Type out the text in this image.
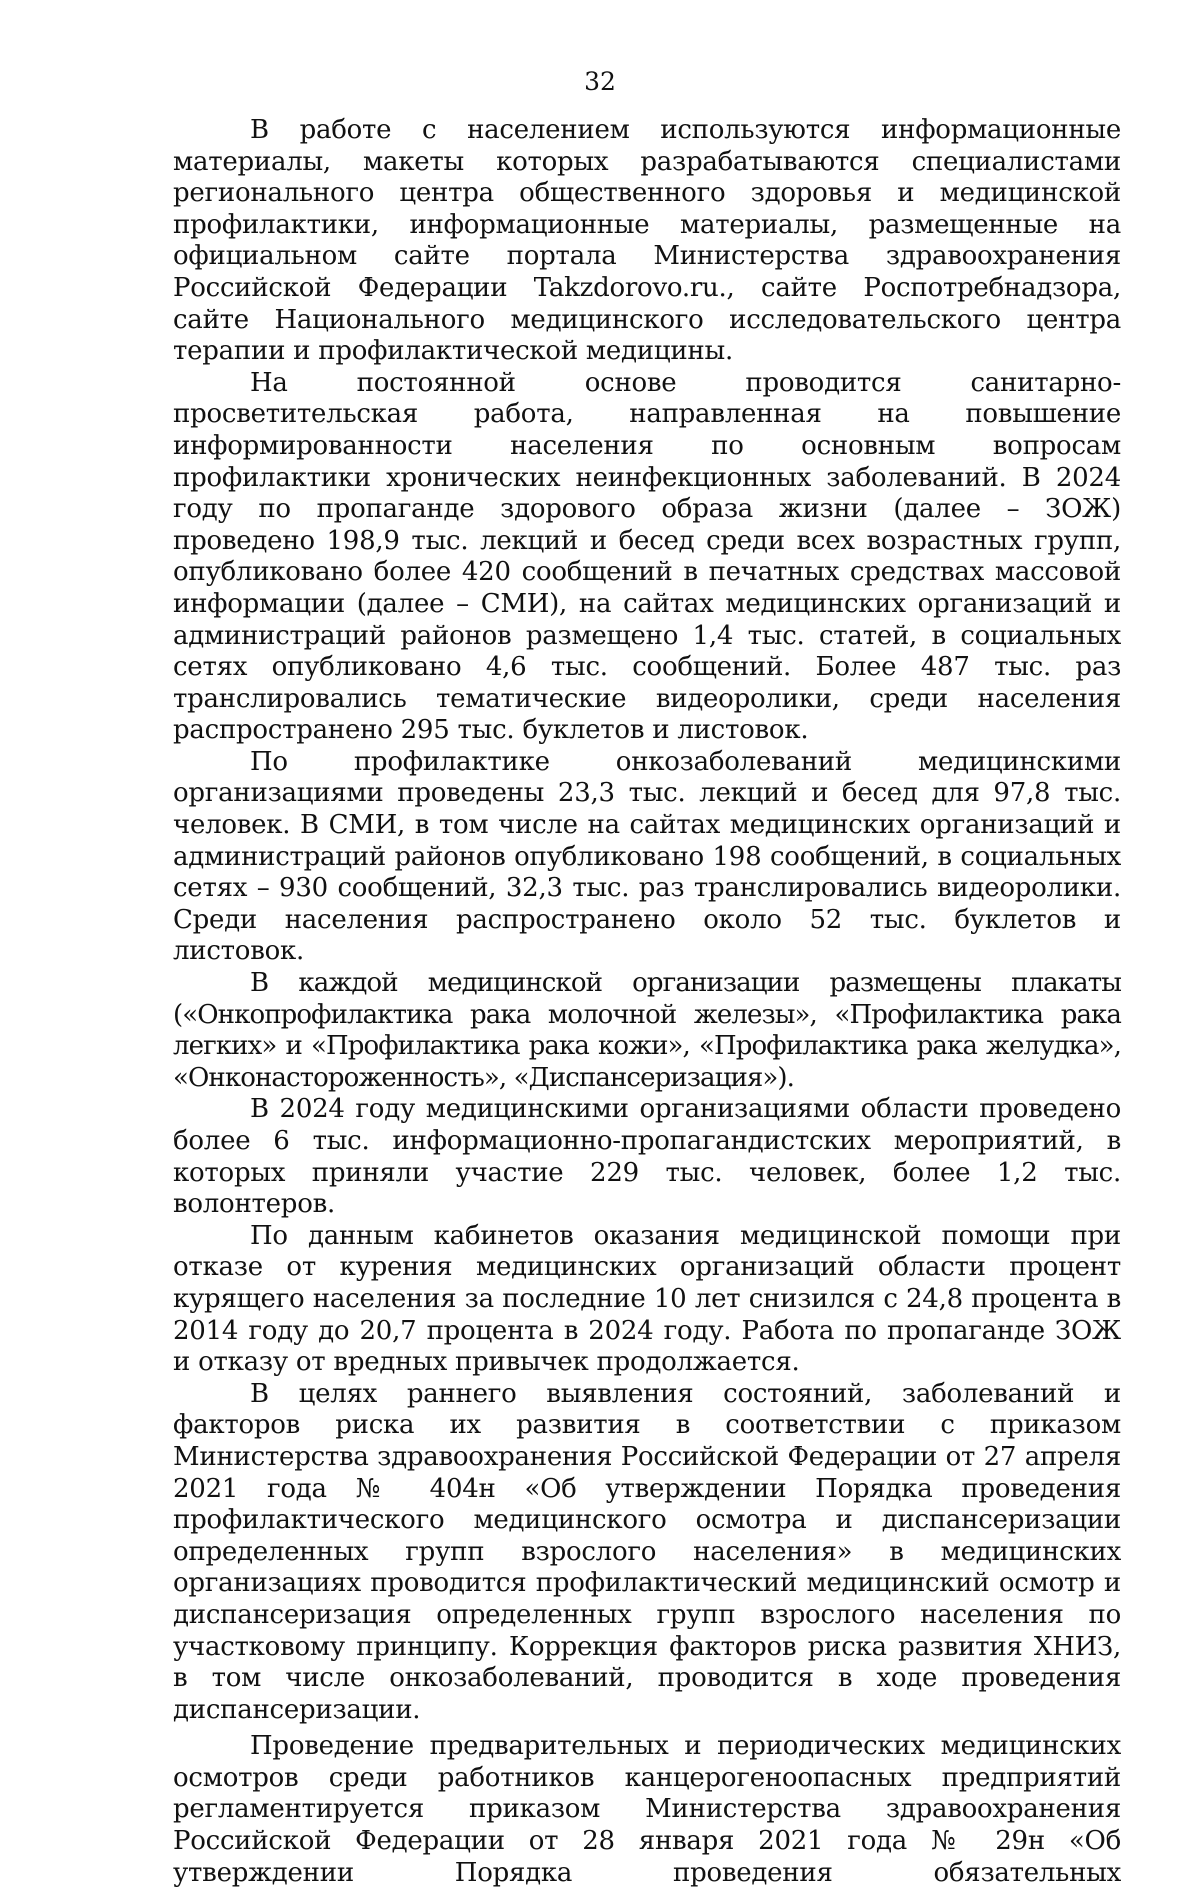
32

В работе с населением используются информационные материалы, макеты которых разрабатываются специалистами регионального центра общественного здоровья и медицинской профилактики, информационные материалы, размещенные на официальном сайте портала Министерства здравоохранения Российской Федерации Takzdorovo.ru., сайте Роспотребнадзора, сайте Национального медицинского исследовательского центра терапии и профилактической медицины.

На постоянной основе проводится санитарно-просветительская работа, направленная на повышение информированности населения по основным вопросам профилактики хронических неинфекционных заболеваний. В 2024 году по пропаганде здорового образа жизни (далее – ЗОЖ) проведено 198,9 тыс. лекций и бесед среди всех возрастных групп, опубликовано более 420 сообщений в печатных средствах массовой информации (далее – СМИ), на сайтах медицинских организаций и администраций районов размещено 1,4 тыс. статей, в социальных сетях опубликовано 4,6 тыс. сообщений. Более 487 тыс. раз транслировались тематические видеоролики, среди населения распространено 295 тыс. буклетов и листовок.

По профилактике онкозаболеваний медицинскими организациями проведены 23,3 тыс. лекций и бесед для 97,8 тыс. человек. В СМИ, в том числе на сайтах медицинских организаций и администраций районов опубликовано 198 сообщений, в социальных сетях – 930 сообщений, 32,3 тыс. раз транслировались видеоролики. Среди населения распространено около 52 тыс. буклетов и листовок.

В каждой медицинской организации размещены плакаты («Онкопрофилактика рака молочной железы», «Профилактика рака легких» и «Профилактика рака кожи», «Профилактика рака желудка», «Онконастороженность», «Диспансеризация»).

В 2024 году медицинскими организациями области проведено более 6 тыс. информационно-пропагандистских мероприятий, в которых приняли участие 229 тыс. человек, более 1,2 тыс. волонтеров.

По данным кабинетов оказания медицинской помощи при отказе от курения медицинских организаций области процент курящего населения за последние 10 лет снизился с 24,8 процента в 2014 году до 20,7 процента в 2024 году. Работа по пропаганде ЗОЖ и отказу от вредных привычек продолжается.

В целях раннего выявления состояний, заболеваний и факторов риска их развития в соответствии с приказом Министерства здравоохранения Российской Федерации от 27 апреля 2021 года № 404н «Об утверждении Порядка проведения профилактического медицинского осмотра и диспансеризации определенных групп взрослого населения» в медицинских организациях проводится профилактический медицинский осмотр и диспансеризация определенных групп взрослого населения по участковому принципу. Коррекция факторов риска развития ХНИЗ, в том числе онкозаболеваний, проводится в ходе проведения диспансеризации.

Проведение предварительных и периодических медицинских осмотров среди работников канцерогеноопасных предприятий регламентируется приказом Министерства здравоохранения Российской Федерации от 28 января 2021 года № 29н «Об утверждении Порядка проведения обязательных
